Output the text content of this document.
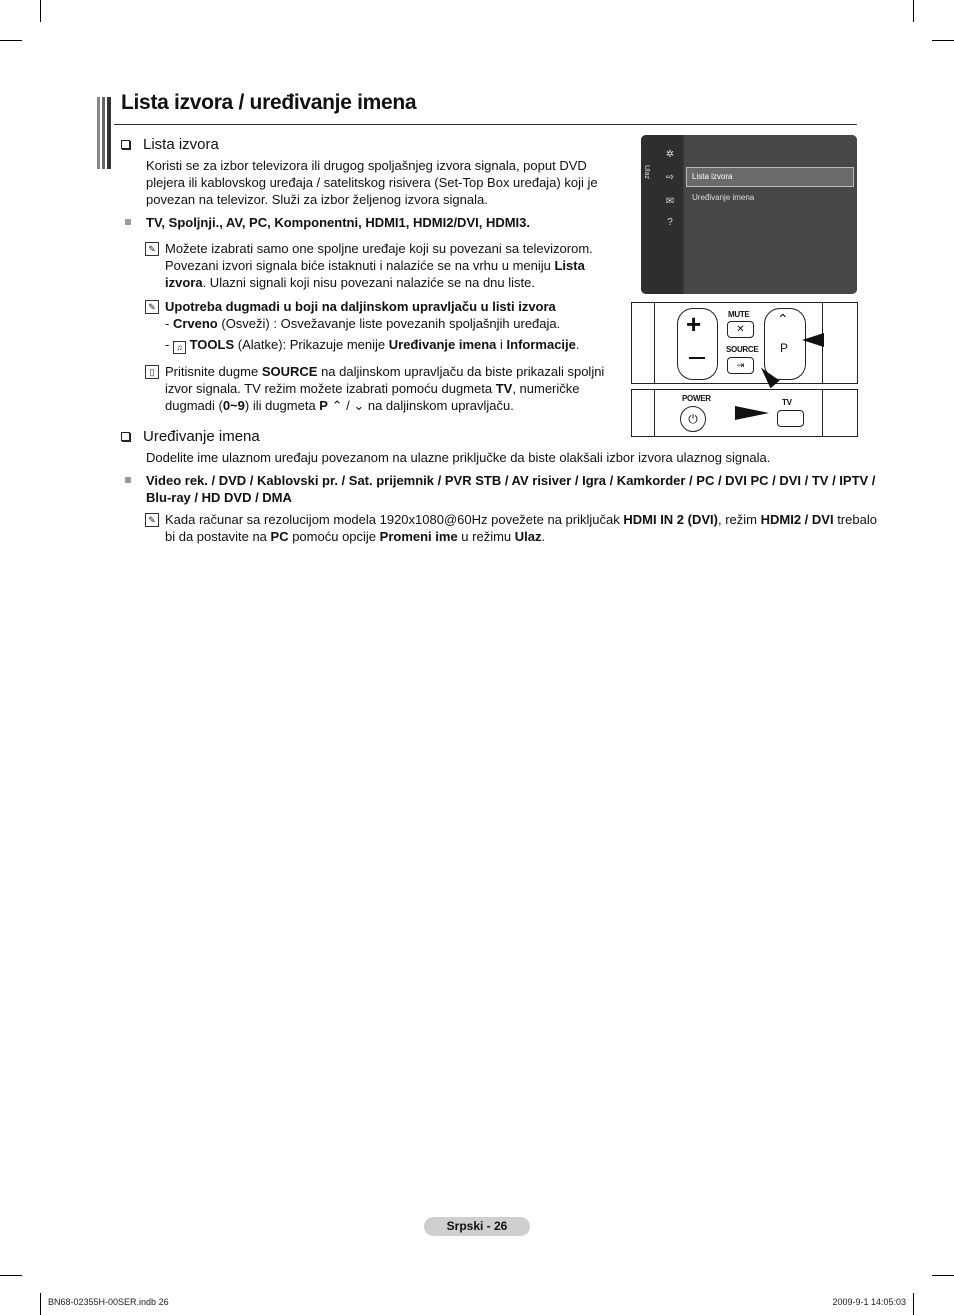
Lista izvora / uređivanje imena
Lista izvora
Koristi se za izbor televizora ili drugog spoljašnjeg izvora signala, poput DVD plejera ili kablovskog uređaja / satelitskog risivera (Set-Top Box uređaja) koji je povezan na televizor. Služi za izbor željenog izvora signala.
TV, Spoljnji., AV, PC, Komponentni, HDMI1, HDMI2/DVI, HDMI3.
✎ Možete izabrati samo one spoljne uređaje koji su povezani sa televizorom. Povezani izvori signala biće istaknuti i nalaziće se na vrhu u meniju Lista izvora. Ulazni signali koji nisu povezani nalaziće se na dnu liste.
✎ Upotreba dugmadi u boji na daljinskom upravljaču u listi izvora
- Crveno (Osveži) : Osvežavanje liste povezanih spoljašnjih uređaja.
- ♫ TOOLS (Alatke): Prikazuje menije Uređivanje imena i Informacije.
▯ Pritisnite dugme SOURCE na daljinskom upravljaču da biste prikazali spoljni izvor signala. TV režim možete izabrati pomoću dugmeta TV, numeričke dugmadi (0~9) ili dugmeta P ⌃ / ⌄ na daljinskom upravljaču.
Uređivanje imena
Dodelite ime ulaznom uređaju povezanom na ulazne priključke da biste olakšali izbor izvora ulaznog signala.
Video rek. / DVD / Kablovski pr. / Sat. prijemnik / PVR STB / AV risiver / Igra / Kamkorder / PC / DVI PC / DVI / TV / IPTV / Blu-ray / HD DVD / DMA
✎ Kada računar sa rezolucijom modela 1920x1080@60Hz povežete na priključak HDMI IN 2 (DVI), režim HDMI2 / DVI trebalo bi da postavite na PC pomoću opcije Promeni ime u režimu Ulaz.
Ulaz
✲
⇨
✉
?
Lista izvora
Uređivanje imena
+	MUTE
✕
SOURCE
⇥
⌃
P
POWER
⏻
TV
Srpski - 26
BN68-02355H-00SER.indb 26	2009-9-1 14:05:03
